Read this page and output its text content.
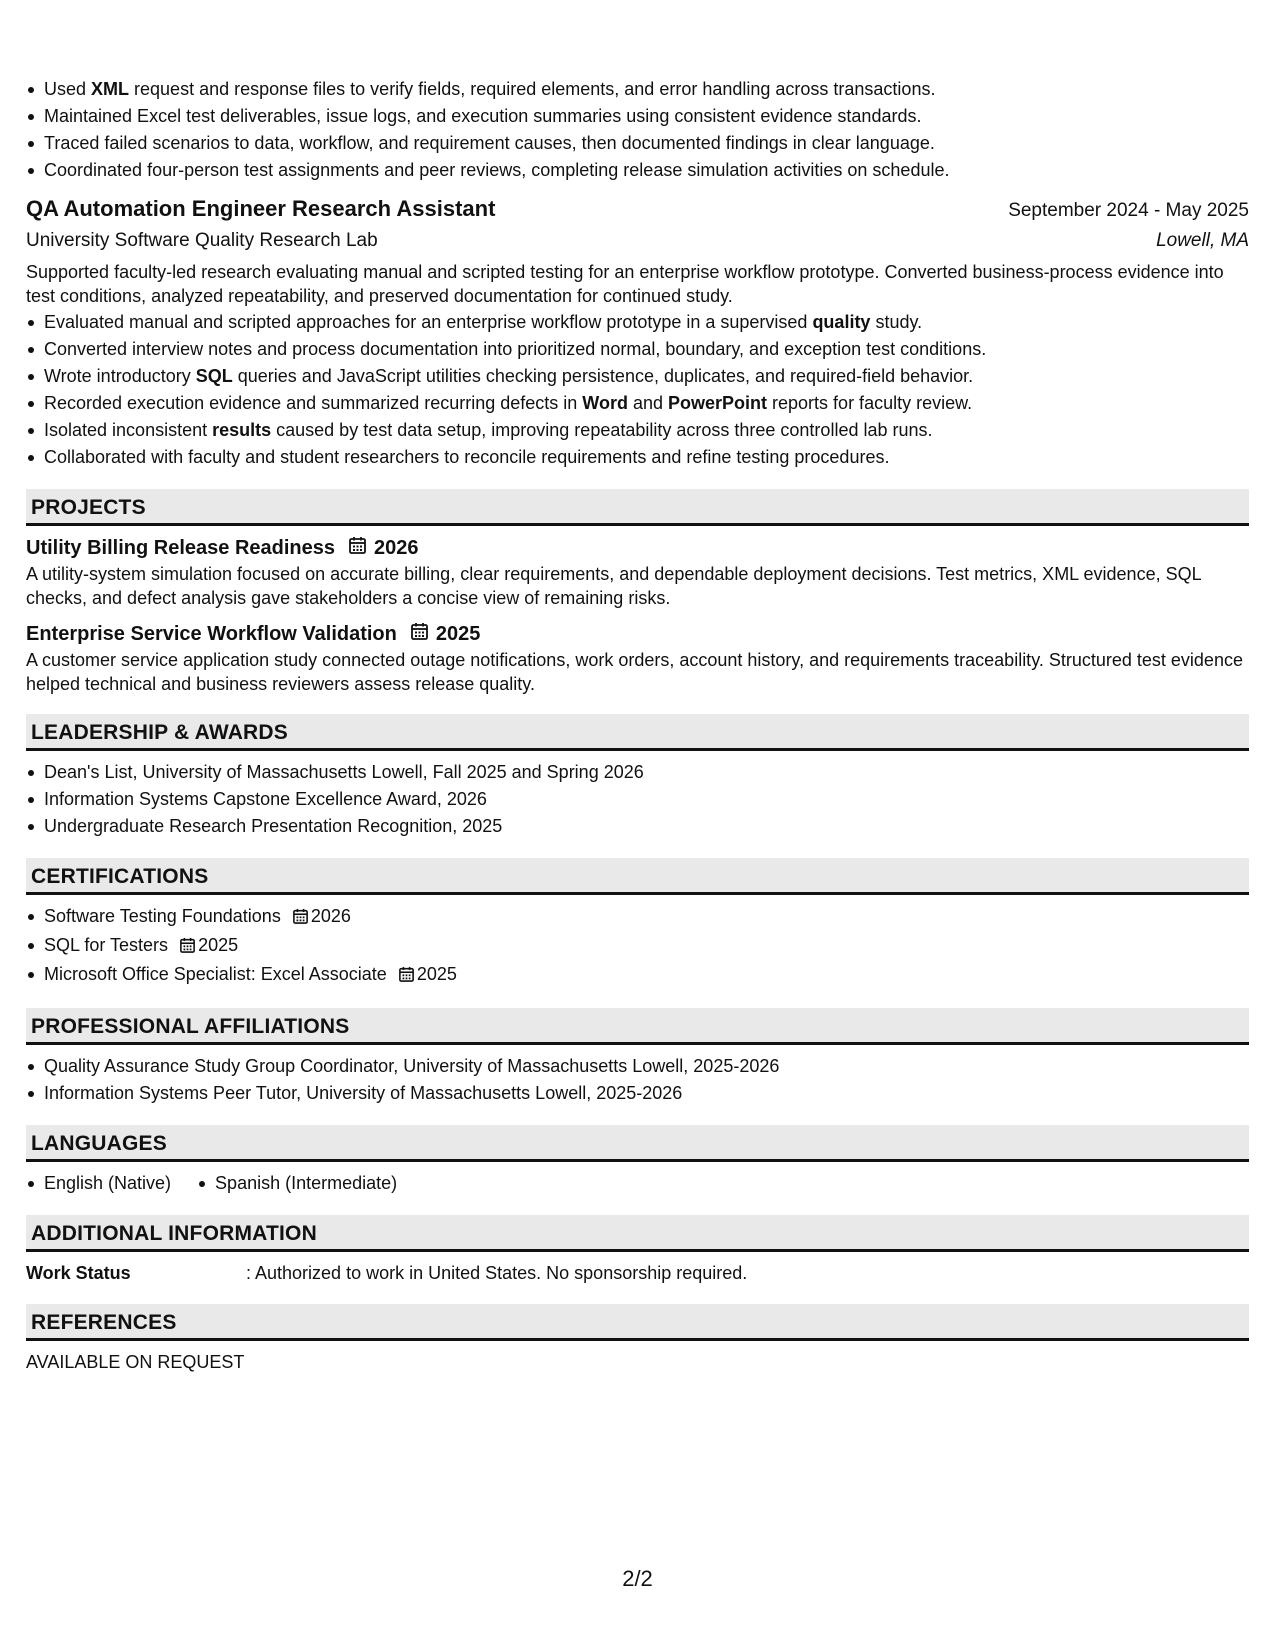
Used XML request and response files to verify fields, required elements, and error handling across transactions.
Maintained Excel test deliverables, issue logs, and execution summaries using consistent evidence standards.
Traced failed scenarios to data, workflow, and requirement causes, then documented findings in clear language.
Coordinated four-person test assignments and peer reviews, completing release simulation activities on schedule.
QA Automation Engineer Research Assistant	September 2024 - May 2025
University Software Quality Research Lab	Lowell, MA
Supported faculty-led research evaluating manual and scripted testing for an enterprise workflow prototype. Converted business-process evidence into test conditions, analyzed repeatability, and preserved documentation for continued study.
Evaluated manual and scripted approaches for an enterprise workflow prototype in a supervised quality study.
Converted interview notes and process documentation into prioritized normal, boundary, and exception test conditions.
Wrote introductory SQL queries and JavaScript utilities checking persistence, duplicates, and required-field behavior.
Recorded execution evidence and summarized recurring defects in Word and PowerPoint reports for faculty review.
Isolated inconsistent results caused by test data setup, improving repeatability across three controlled lab runs.
Collaborated with faculty and student researchers to reconcile requirements and refine testing procedures.
PROJECTS
Utility Billing Release Readiness 2026
A utility-system simulation focused on accurate billing, clear requirements, and dependable deployment decisions. Test metrics, XML evidence, SQL checks, and defect analysis gave stakeholders a concise view of remaining risks.
Enterprise Service Workflow Validation 2025
A customer service application study connected outage notifications, work orders, account history, and requirements traceability. Structured test evidence helped technical and business reviewers assess release quality.
LEADERSHIP & AWARDS
Dean's List, University of Massachusetts Lowell, Fall 2025 and Spring 2026
Information Systems Capstone Excellence Award, 2026
Undergraduate Research Presentation Recognition, 2025
CERTIFICATIONS
Software Testing Foundations 2026
SQL for Testers 2025
Microsoft Office Specialist: Excel Associate 2025
PROFESSIONAL AFFILIATIONS
Quality Assurance Study Group Coordinator, University of Massachusetts Lowell, 2025-2026
Information Systems Peer Tutor, University of Massachusetts Lowell, 2025-2026
LANGUAGES
English (Native) Spanish (Intermediate)
ADDITIONAL INFORMATION
Work Status	: Authorized to work in United States. No sponsorship required.
REFERENCES
AVAILABLE ON REQUEST
2/2
